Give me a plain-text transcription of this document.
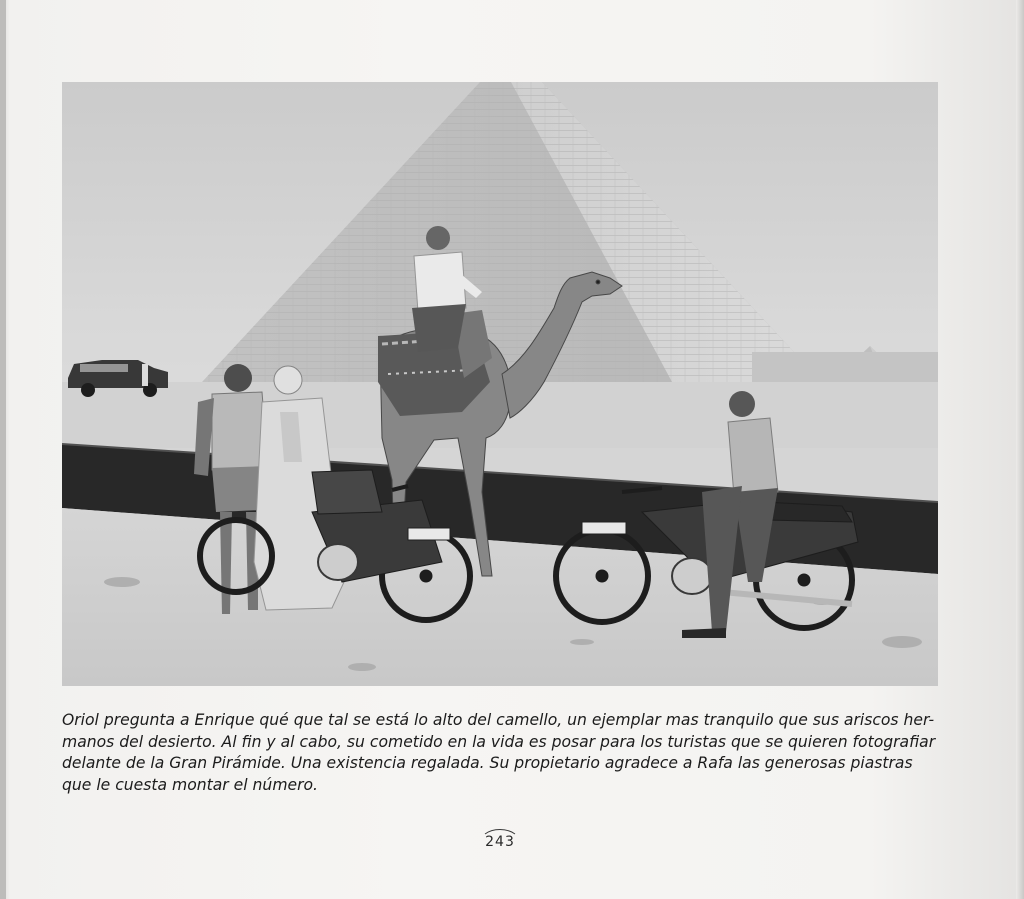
Oriol pregunta a Enrique qué que tal se está lo alto del camello, un ejemplar mas tranquilo que sus ariscos her-
manos del desierto. Al fin y al cabo, su cometido en la vida es posar para los turistas que se quieren fotografiar
delante de la Gran Pirámide. Una existencia regalada. Su propietario agradece a Rafa las generosas piastras
que le cuesta montar el número.

243
